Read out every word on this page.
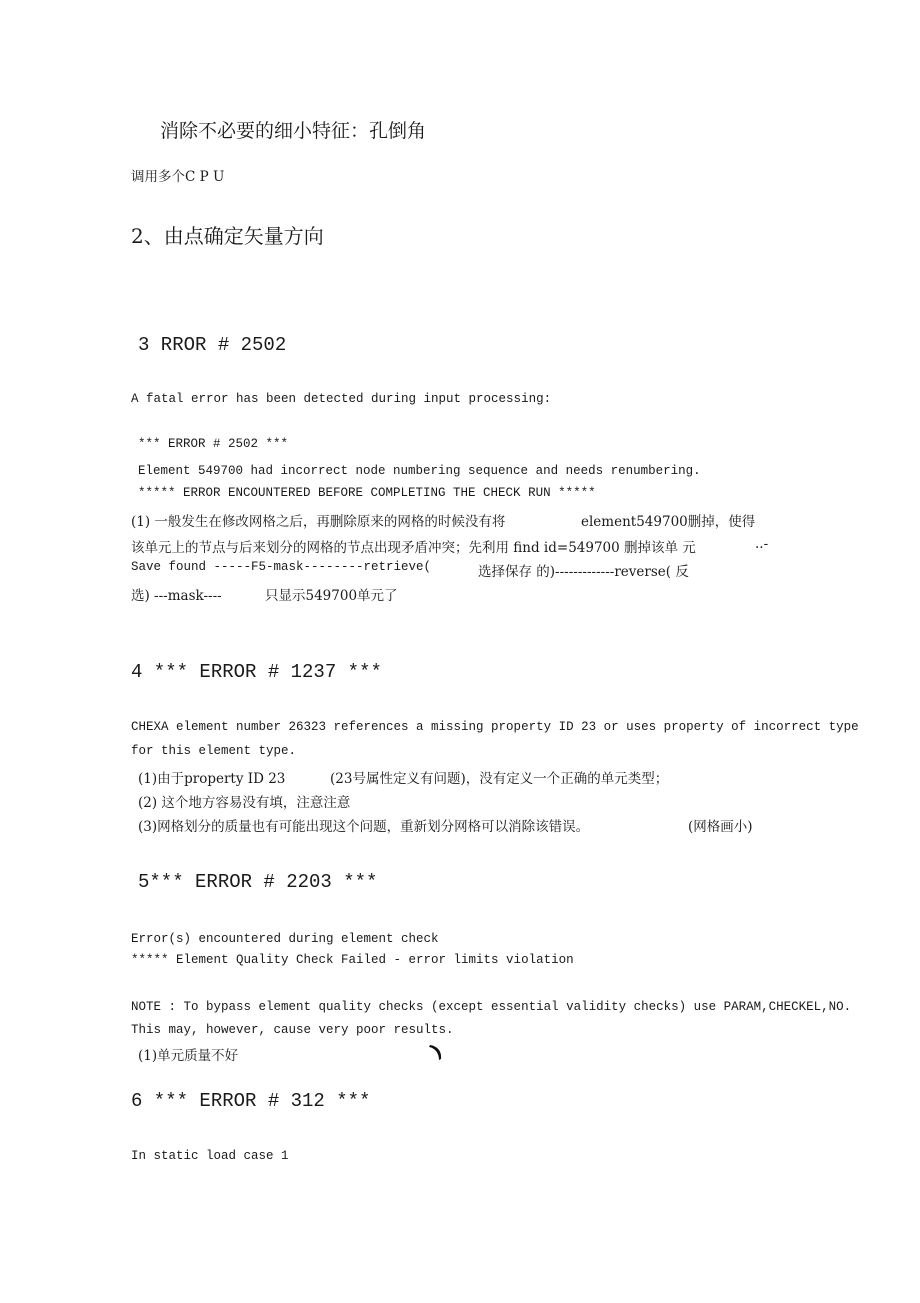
消除不必要的细小特征：孔倒角
调用多个C P U
2、由点确定矢量方向
3 RROR # 2502
A fatal error has been detected during input processing:
*** ERROR # 2502 ***
Element 549700 had incorrect node numbering sequence and needs renumbering.
***** ERROR ENCOUNTERED BEFORE COMPLETING THE CHECK RUN *****
(1) 一般发生在修改网格之后，再删除原来的网格的时候没有将	element549700删掉，使得
该单元上的节点与后来划分的网格的节点出现矛盾冲突；先利用 find id=549700 删掉该单 元	..-
Save found -----F5-mask--------retrieve(	选择保存 的)-------------reverse( 反
选) ---mask----	只显示549700单元了
4 *** ERROR # 1237 ***
CHEXA element number 26323 references a missing property ID 23 or uses property of incorrect type
for this element type.
(1)由于property ID 23	(23号属性定义有问题)，没有定义一个正确的单元类型；
(2) 这个地方容易没有填，注意注意
(3)网格划分的质量也有可能出现这个问题，重新划分网格可以消除该错误。	(网格画小)
5*** ERROR # 2203 ***
Error(s) encountered during element check
***** Element Quality Check Failed - error limits violation
NOTE : To bypass element quality checks (except essential validity checks) use PARAM,CHECKEL,NO.
This may, however, cause very poor results.
(1)单元质量不好
6 *** ERROR # 312 ***
In static load case 1
